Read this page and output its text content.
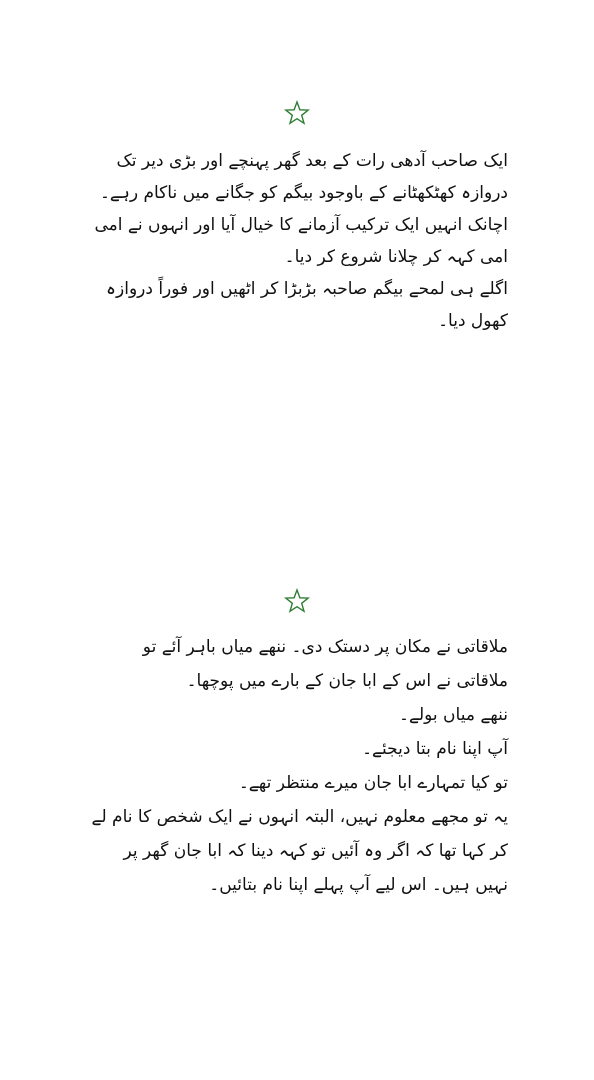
ایک صاحب آدھی رات کے بعد گھر پہنچے اور بڑی دیر تک دروازہ کھٹکھٹانے کے باوجود بیگم کو جگانے میں ناکام رہے۔

اچانک انہیں ایک ترکیب آزمانے کا خیال آیا اور انہوں نے امی امی کہہ کر چلانا شروع کر دیا۔

اگلے ہی لمحے بیگم صاحبہ بڑبڑا کر اٹھیں اور فوراً دروازہ کھول دیا۔

ملاقاتی نے مکان پر دستک دی۔ ننھے میاں باہر آئے تو ملاقاتی نے اس کے ابا جان کے بارے میں پوچھا۔

ننھے میاں بولے۔

آپ اپنا نام بتا دیجئے۔

تو کیا تمہارے ابا جان میرے منتظر تھے۔

یہ تو مجھے معلوم نہیں، البتہ انہوں نے ایک شخص کا نام لے کر کہا تھا کہ اگر وہ آئیں تو کہہ دینا کہ ابا جان گھر پر نہیں ہیں۔ اس لیے آپ پہلے اپنا نام بتائیں۔
